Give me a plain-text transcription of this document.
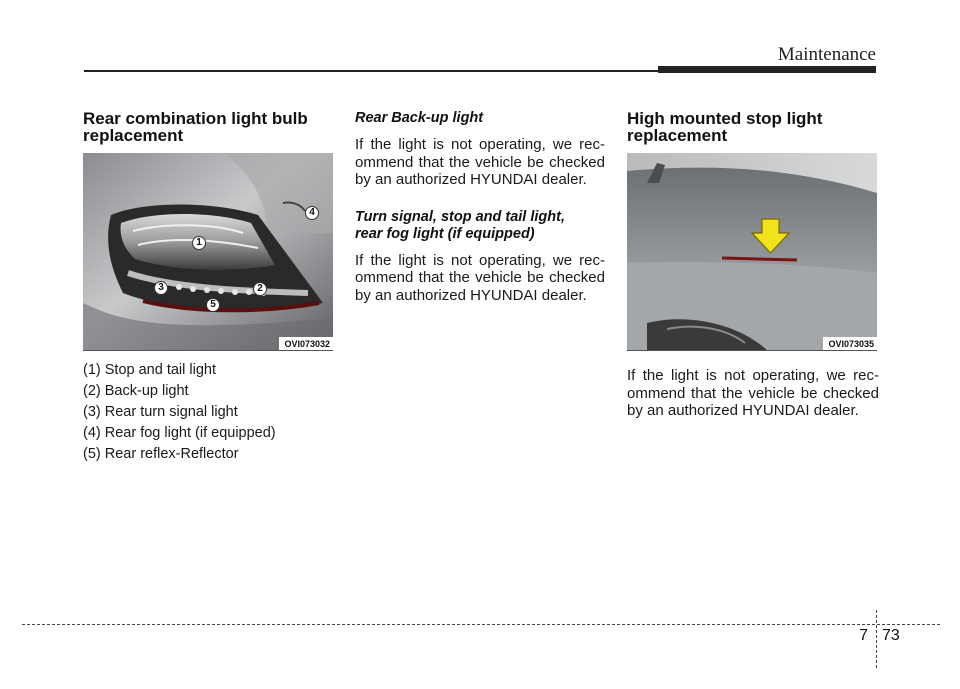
Maintenance
Rear combination light bulb replacement
4
1
3	2
5
OVI073032
(1) Stop and tail light
(2) Back-up light
(3) Rear turn signal light
(4) Rear fog light (if equipped)
(5) Rear reflex-Reflector
Rear Back-up light

If the light is not operating, we rec-ommend that the vehicle be checked by an authorized HYUNDAI dealer.

Turn signal, stop and tail light, rear fog light (if equipped)

If the light is not operating, we rec-ommend that the vehicle be checked by an authorized HYUNDAI dealer.

High mounted stop light replacement
OVI073035

If the light is not operating, we rec-ommend that the vehicle be checked by an authorized HYUNDAI dealer.

7 73
